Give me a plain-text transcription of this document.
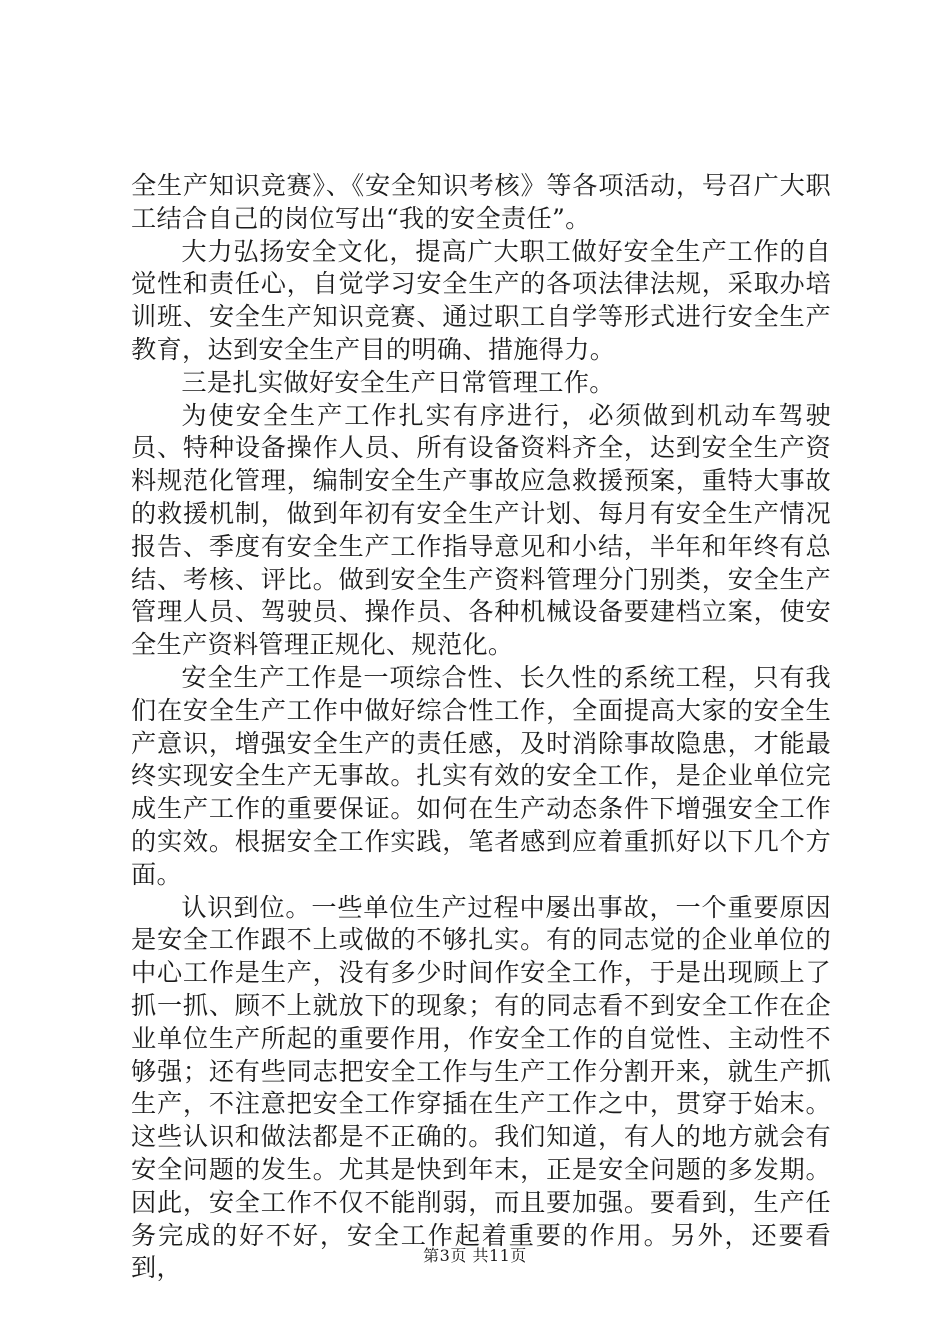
全生产知识竞赛》、《安全知识考核》等各项活动，号召广大职工结合自己的岗位写出“我的安全责任”。

大力弘扬安全文化，提高广大职工做好安全生产工作的自觉性和责任心，自觉学习安全生产的各项法律法规，采取办培训班、安全生产知识竞赛、通过职工自学等形式进行安全生产教育，达到安全生产目的明确、措施得力。

三是扎实做好安全生产日常管理工作。

为使安全生产工作扎实有序进行，必须做到机动车驾驶员、特种设备操作人员、所有设备资料齐全，达到安全生产资料规范化管理，编制安全生产事故应急救援预案，重特大事故的救援机制，做到年初有安全生产计划、每月有安全生产情况报告、季度有安全生产工作指导意见和小结，半年和年终有总结、考核、评比。做到安全生产资料管理分门别类，安全生产管理人员、驾驶员、操作员、各种机械设备要建档立案，使安全生产资料管理正规化、规范化。

安全生产工作是一项综合性、长久性的系统工程，只有我们在安全生产工作中做好综合性工作，全面提高大家的安全生产意识，增强安全生产的责任感，及时消除事故隐患，才能最终实现安全生产无事故。扎实有效的安全工作，是企业单位完成生产工作的重要保证。如何在生产动态条件下增强安全工作的实效。根据安全工作实践，笔者感到应着重抓好以下几个方面。

认识到位。一些单位生产过程中屡出事故，一个重要原因是安全工作跟不上或做的不够扎实。有的同志觉的企业单位的中心工作是生产，没有多少时间作安全工作，于是出现顾上了抓一抓、顾不上就放下的现象；有的同志看不到安全工作在企业单位生产所起的重要作用，作安全工作的自觉性、主动性不够强；还有些同志把安全工作与生产工作分割开来，就生产抓生产，不注意把安全工作穿插在生产工作之中，贯穿于始末。这些认识和做法都是不正确的。我们知道，有人的地方就会有安全问题的发生。尤其是快到年末，正是安全问题的多发期。因此，安全工作不仅不能削弱，而且要加强。要看到，生产任务完成的好不好，安全工作起着重要的作用。另外，还要看到，	第3页 共11页
